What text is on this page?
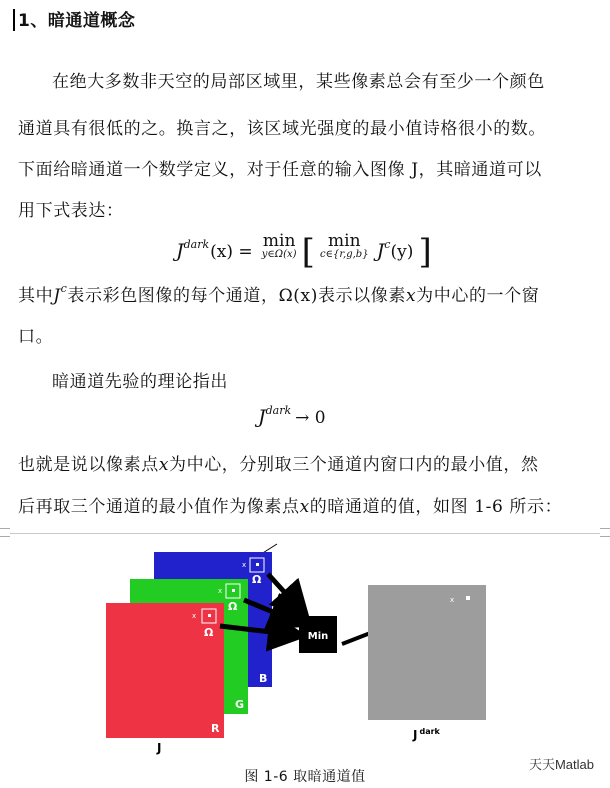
1、暗通道概念
在绝大多数非天空的局部区域里，某些像素总会有至少一个颜色
通道具有很低的之。换言之，该区域光强度的最小值诗格很小的数。
下面给暗通道一个数学定义，对于任意的输入图像 J，其暗通道可以
用下式表达：
$J^{dark}(x)$ =
min
y∈Ω(x) [ min
c∈{r,g,b} $J^c(y)$ ]
其中$J^c$表示彩色图像的每个通道，Ω(x)表示以像素x为中心的一个窗
口。
暗通道先验的理论指出
$J^{dark} \to 0$
也就是说以像素点x为中心，分别取三个通道内窗口内的最小值，然
后再取三个通道的最小值作为像素点x的暗通道的值，如图 1-6 所示：
B
G
R
x
Ω
x
Ω
x
Ω	Min
x
J
J $^{dark}$
图 1-6 取暗通道值
天天Matlab
